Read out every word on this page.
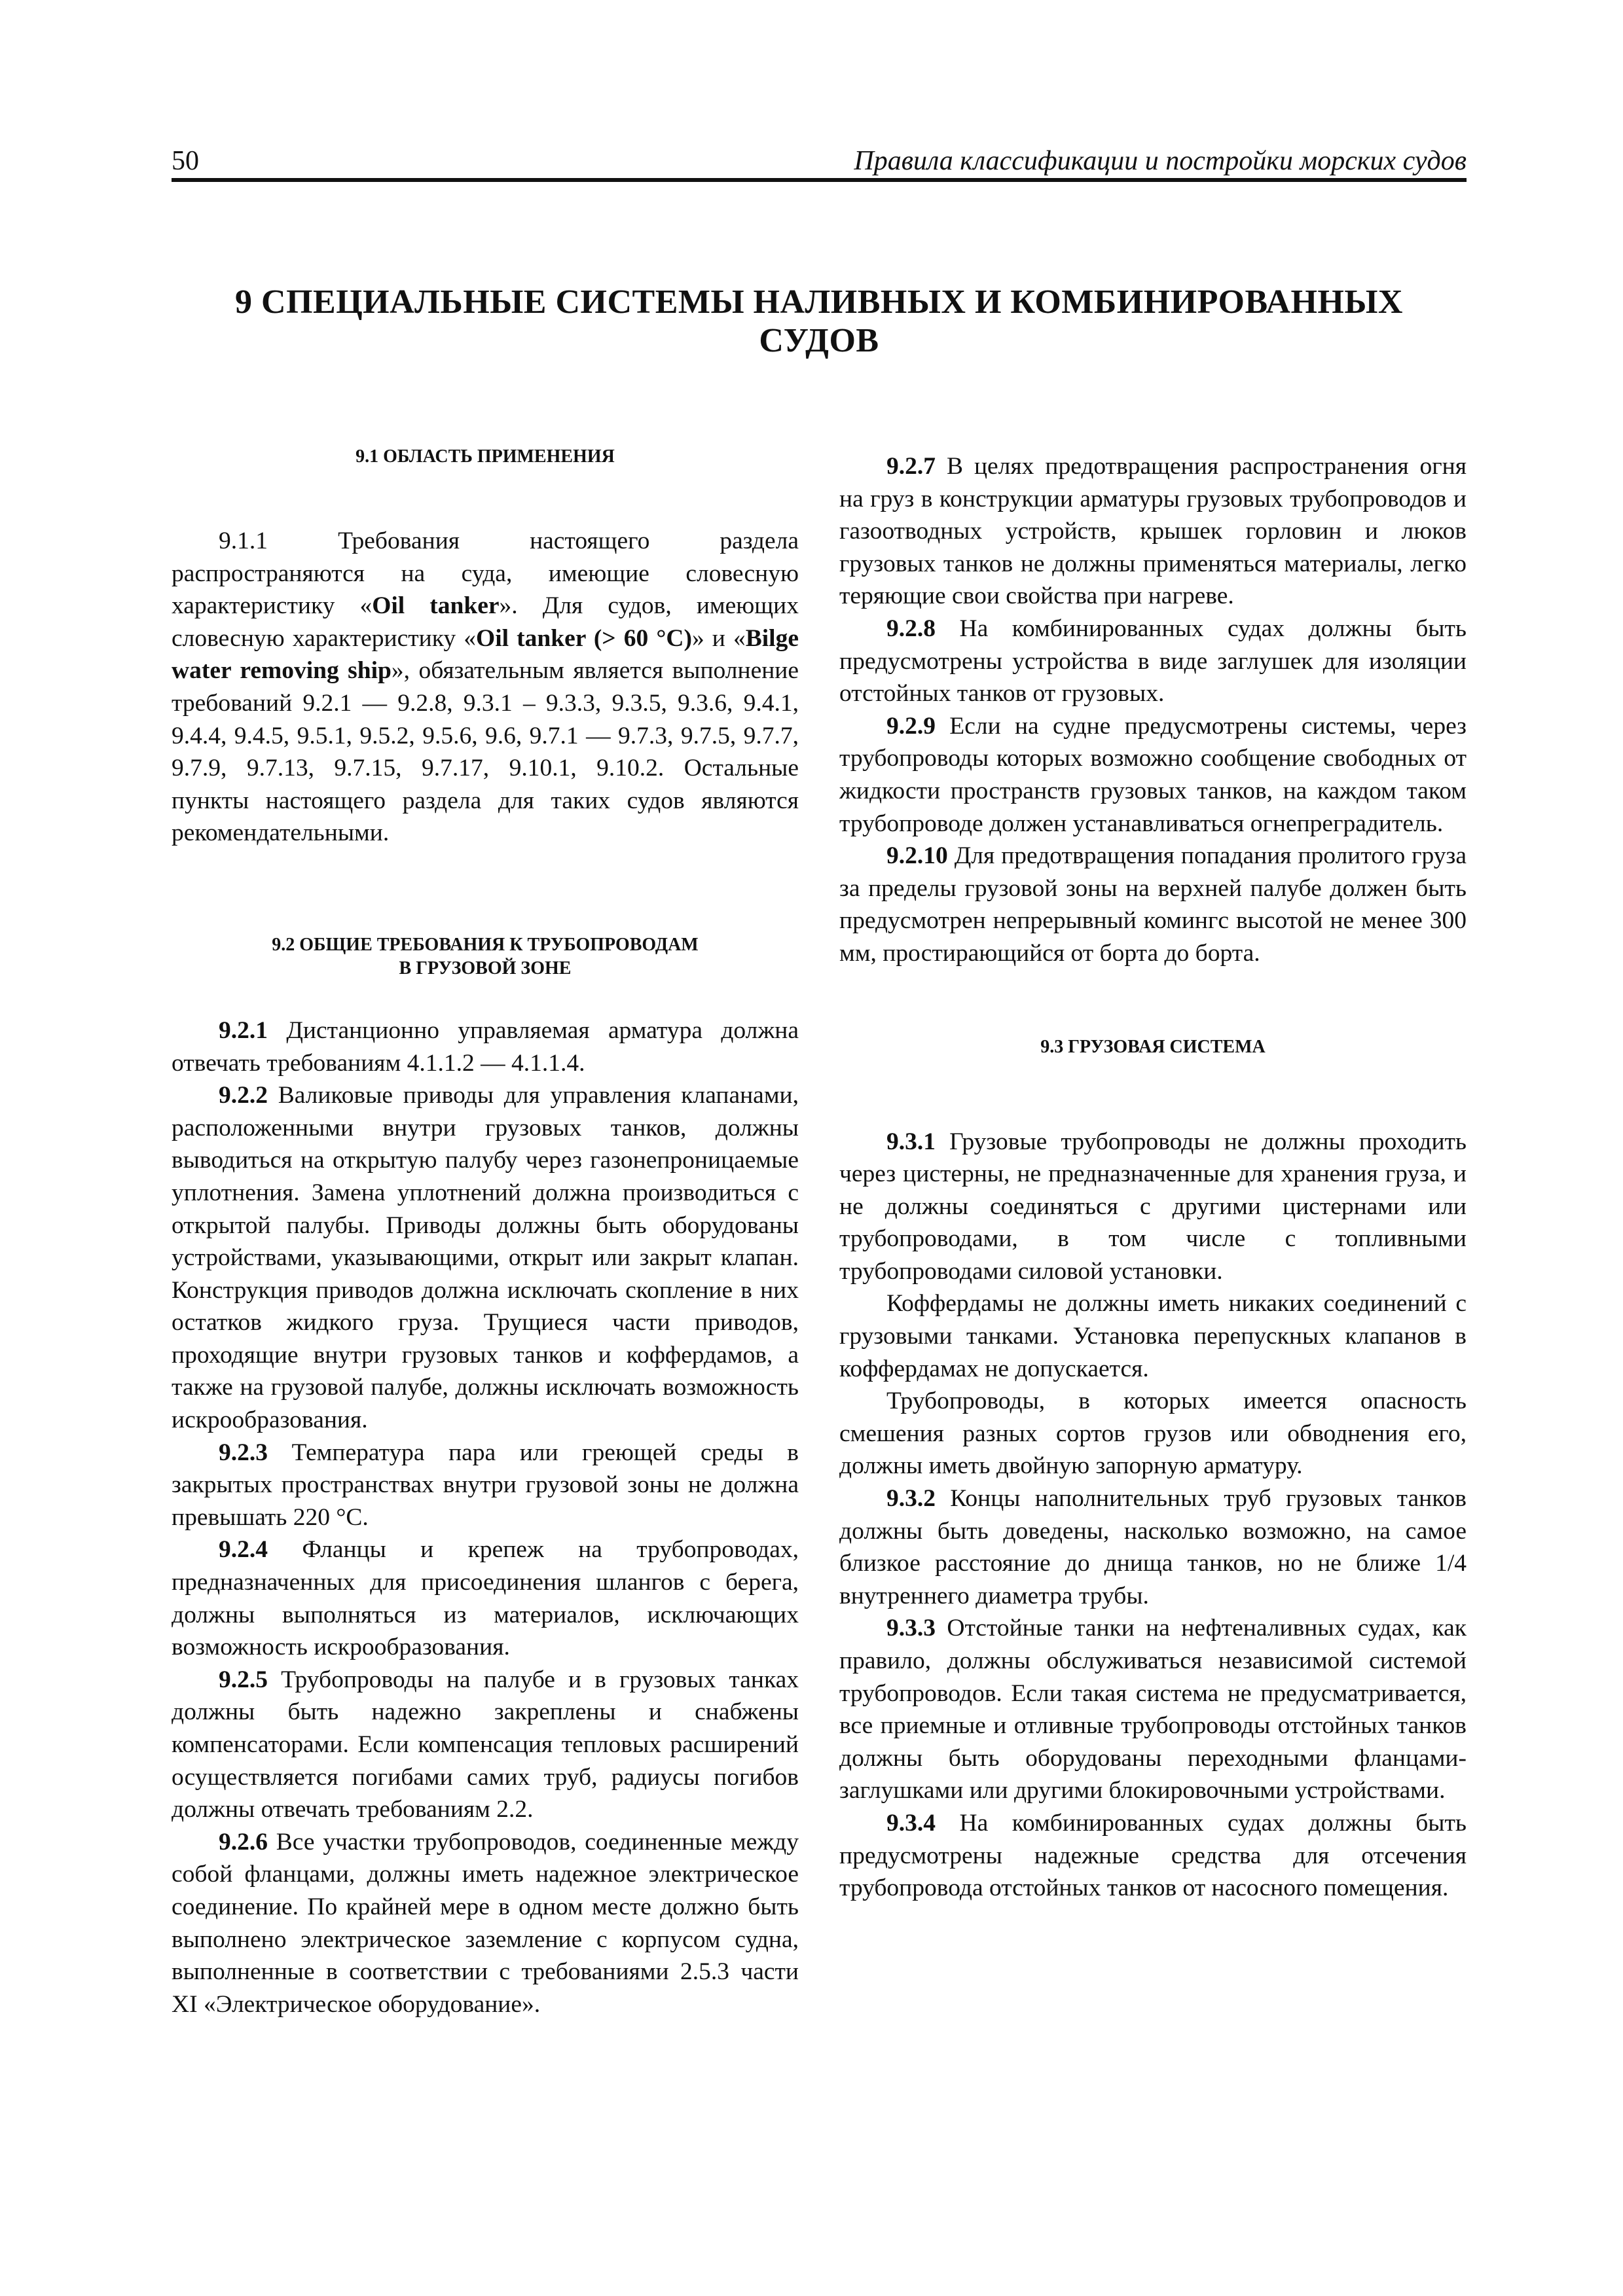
50	Правила классификации и постройки морских судов
9 СПЕЦИАЛЬНЫЕ СИСТЕМЫ НАЛИВНЫХ И КОМБИНИРОВАННЫХ СУДОВ
9.1 ОБЛАСТЬ ПРИМЕНЕНИЯ

9.1.1 Требования настоящего раздела распространяются на суда, имеющие словесную характеристику «Oil tanker». Для судов, имеющих словесную характеристику «Oil tanker (> 60 °C)» и «Bilge water removing ship», обязательным является выполнение требований 9.2.1 — 9.2.8, 9.3.1 – 9.3.3, 9.3.5, 9.3.6, 9.4.1, 9.4.4, 9.4.5, 9.5.1, 9.5.2, 9.5.6, 9.6, 9.7.1 — 9.7.3, 9.7.5, 9.7.7, 9.7.9, 9.7.13, 9.7.15, 9.7.17, 9.10.1, 9.10.2. Остальные пункты настоящего раздела для таких судов являются рекомендательными.

9.2 ОБЩИЕ ТРЕБОВАНИЯ К ТРУБОПРОВОДАМ
В ГРУЗОВОЙ ЗОНЕ

9.2.1 Дистанционно управляемая арматура должна отвечать требованиям 4.1.1.2 — 4.1.1.4.

9.2.2 Валиковые приводы для управления клапанами, расположенными внутри грузовых танков, должны выводиться на открытую палубу через газонепроницаемые уплотнения. Замена уплотнений должна производиться с открытой палубы. Приводы должны быть оборудованы устройствами, указывающими, открыт или закрыт клапан. Конструкция приводов должна исключать скопление в них остатков жидкого груза. Трущиеся части приводов, проходящие внутри грузовых танков и коффердамов, а также на грузовой палубе, должны исключать возможность искрообразования.

9.2.3 Температура пара или греющей среды в закрытых пространствах внутри грузовой зоны не должна превышать 220 °С.

9.2.4 Фланцы и крепеж на трубопроводах, предназначенных для присоединения шлангов с берега, должны выполняться из материалов, исключающих возможность искрообразования.

9.2.5 Трубопроводы на палубе и в грузовых танках должны быть надежно закреплены и снабжены компенсаторами. Если компенсация тепловых расширений осуществляется погибами самих труб, радиусы погибов должны отвечать требованиям 2.2.

9.2.6 Все участки трубопроводов, соединенные между собой фланцами, должны иметь надежное электрическое соединение. По крайней мере в одном месте должно быть выполнено электрическое заземление с корпусом судна, выполненные в соответствии с требованиями 2.5.3 части XI «Электрическое оборудование».

9.2.7 В целях предотвращения распространения огня на груз в конструкции арматуры грузовых трубопроводов и газоотводных устройств, крышек горловин и люков грузовых танков не должны применяться материалы, легко теряющие свои свойства при нагреве.

9.2.8 На комбинированных судах должны быть предусмотрены устройства в виде заглушек для изоляции отстойных танков от грузовых.

9.2.9 Если на судне предусмотрены системы, через трубопроводы которых возможно сообщение свободных от жидкости пространств грузовых танков, на каждом таком трубопроводе должен устанавливаться огнепреградитель.

9.2.10 Для предотвращения попадания пролитого груза за пределы грузовой зоны на верхней палубе должен быть предусмотрен непрерывный комингс высотой не менее 300 мм, простирающийся от борта до борта.

9.3 ГРУЗОВАЯ СИСТЕМА

9.3.1 Грузовые трубопроводы не должны проходить через цистерны, не предназначенные для хранения груза, и не должны соединяться с другими цистернами или трубопроводами, в том числе с топливными трубопроводами силовой установки.

Коффердамы не должны иметь никаких соединений с грузовыми танками. Установка перепускных клапанов в коффердамах не допускается.

Трубопроводы, в которых имеется опасность смешения разных сортов грузов или обводнения его, должны иметь двойную запорную арматуру.

9.3.2 Концы наполнительных труб грузовых танков должны быть доведены, насколько возможно, на самое близкое расстояние до днища танков, но не ближе 1/4 внутреннего диаметра трубы.

9.3.3 Отстойные танки на нефтеналивных судах, как правило, должны обслуживаться независимой системой трубопроводов. Если такая система не предусматривается, все приемные и отливные трубопроводы отстойных танков должны быть оборудованы переходными фланцами-заглушками или другими блокировочными устройствами.

9.3.4 На комбинированных судах должны быть предусмотрены надежные средства для отсечения трубопровода отстойных танков от насосного помещения.
